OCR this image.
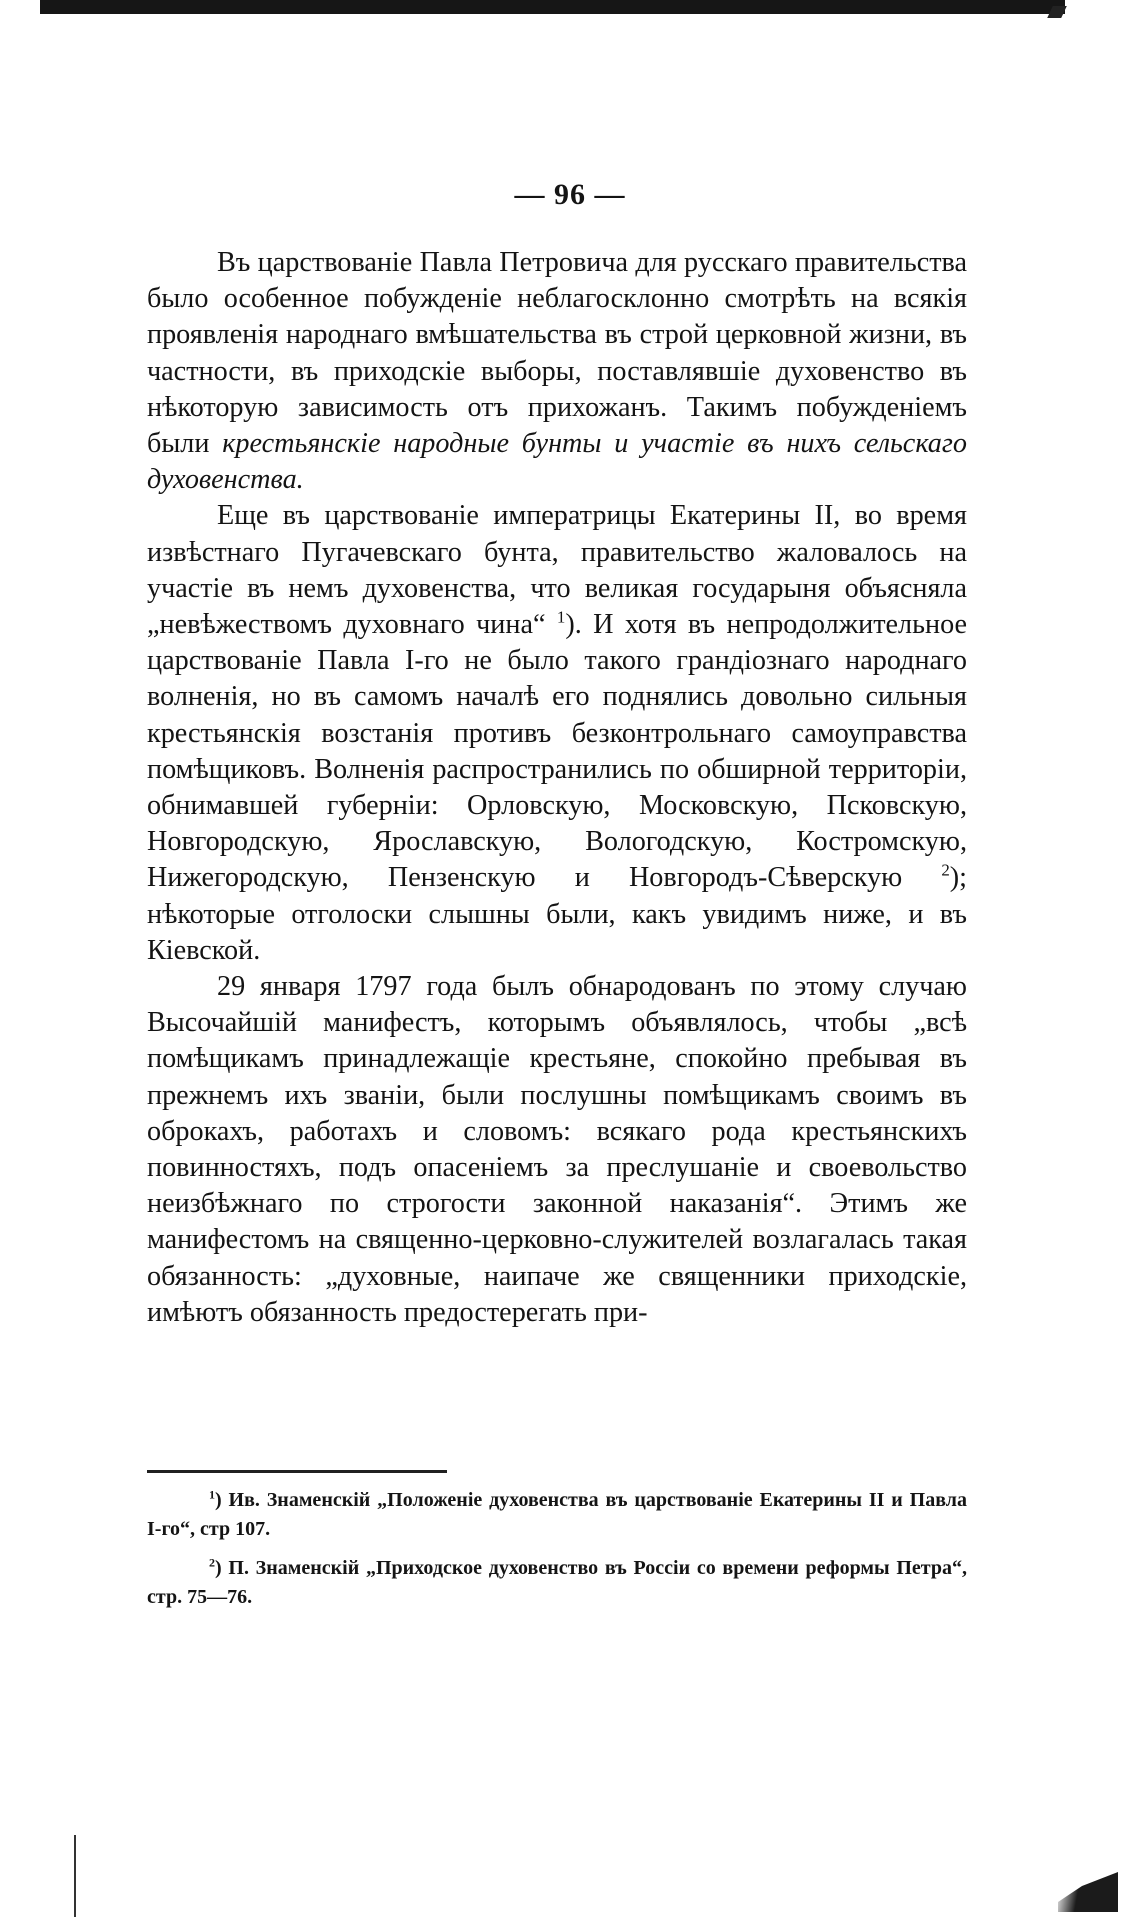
— 96 —

Въ царствованіе Павла Петровича для русскаго правительства было особенное побужденіе неблагосклонно смотрѣть на всякія проявленія народнаго вмѣшательства въ строй церковной жизни, въ частности, въ приходскіе выборы, поставлявшіе духовенство въ нѣкоторую зависимость отъ прихожанъ. Такимъ побужденіемъ были крестьянскіе народные бунты и участіе въ нихъ сельскаго духовенства.

Еще въ царствованіе императрицы Екатерины II, во время извѣстнаго Пугачевскаго бунта, правительство жаловалось на участіе въ немъ духовенства, что великая государыня объясняла „невѣжествомъ духовнаго чина“ $^1$). И хотя въ непродолжительное царствованіе Павла І-го не было такого грандіознаго народнаго волненія, но въ самомъ началѣ его поднялись довольно сильныя крестьянскія возстанія противъ безконтрольнаго самоуправства помѣщиковъ. Волненія распространились по обширной территоріи, обнимавшей губерніи: Орловскую, Московскую, Псковскую, Новгородскую, Ярославскую, Вологодскую, Костромскую, Нижегородскую, Пензенскую и Новгородъ-Сѣверскую $^2$); нѣкоторые отголоски слышны были, какъ увидимъ ниже, и въ Кіевской.

29 января 1797 года былъ обнародованъ по этому случаю Высочайшій манифестъ, которымъ объявлялось, чтобы „всѣ помѣщикамъ принадлежащіе крестьяне, спокойно пребывая въ прежнемъ ихъ званіи, были послушны помѣщикамъ своимъ въ оброкахъ, работахъ и словомъ: всякаго рода крестьянскихъ повинностяхъ, подъ опасеніемъ за преслушаніе и своевольство неизбѣжнаго по строгости законной наказанія“. Этимъ же манифестомъ на священно-церковно-служителей возлагалась такая обязанность: „духовные, наипаче же священники приходскіе, имѣютъ обязанность предостерегать при-

$^1$) Ив. Знаменскій „Положеніе духовенства въ царствованіе Екатерины II и Павла І-го“, стр 107.

$^2$) П. Знаменскій „Приходское духовенство въ Россіи со времени реформы Петра“, стр. 75—76.
